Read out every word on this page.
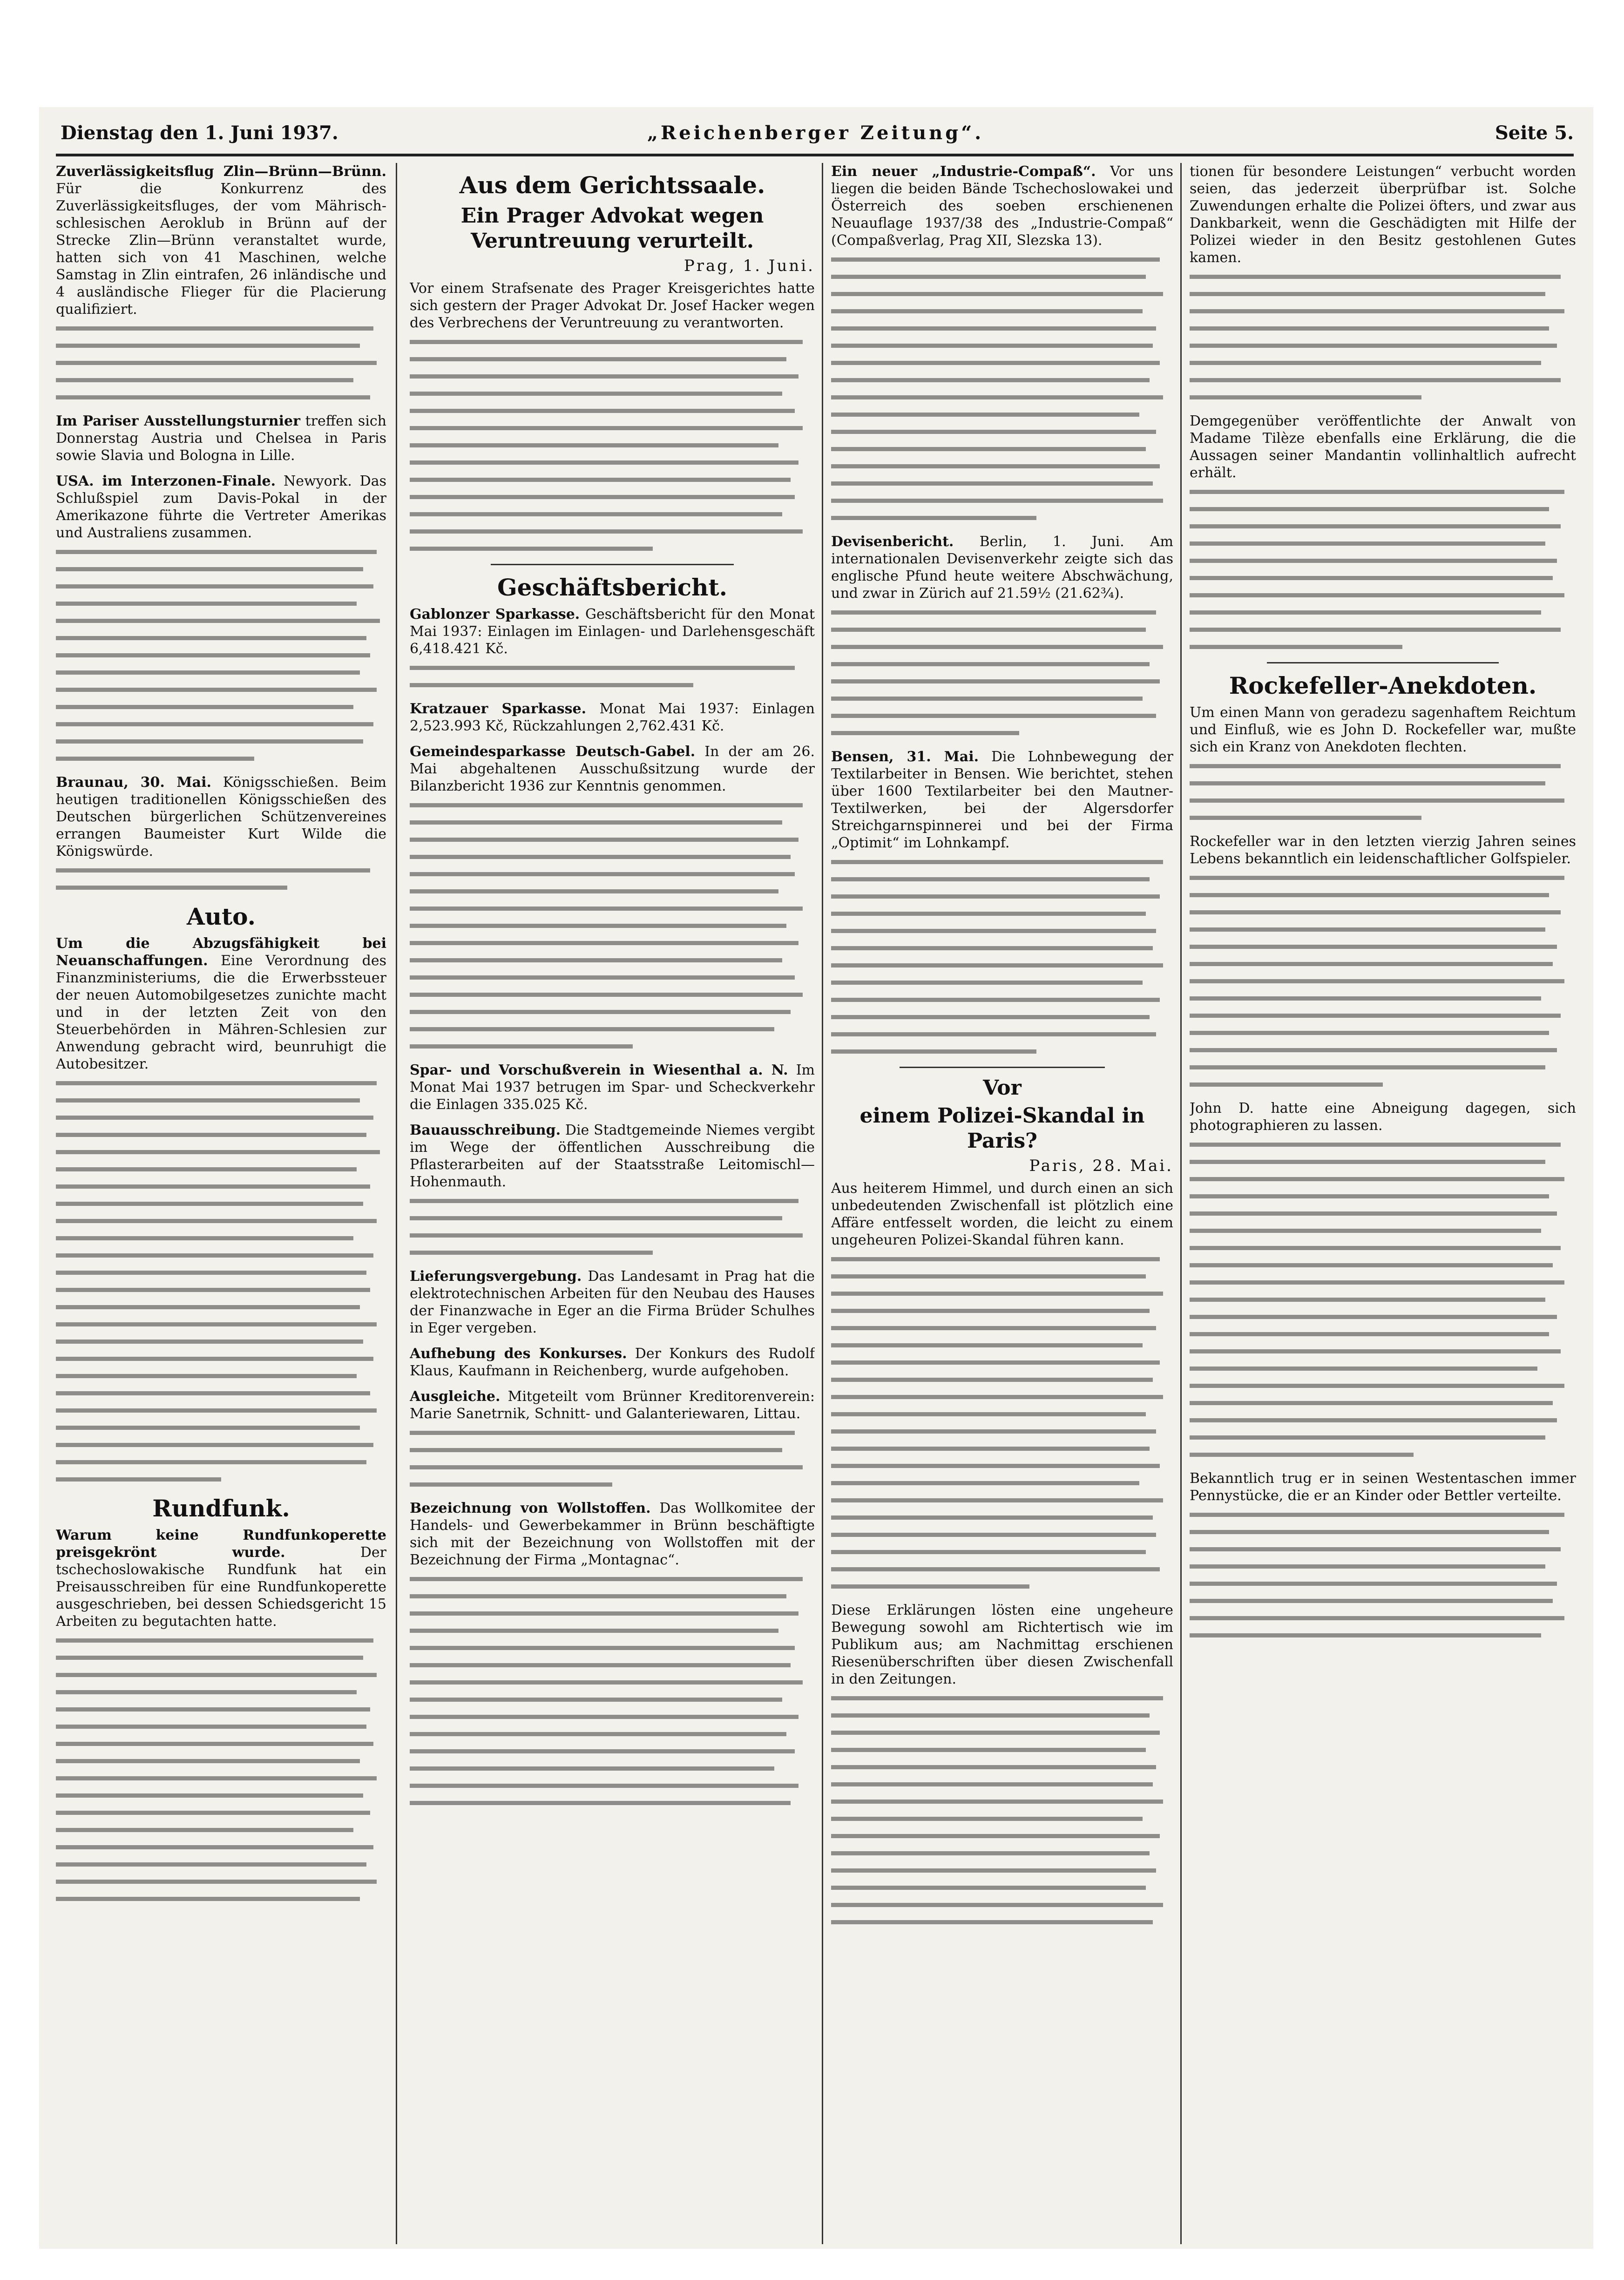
Dienstag den 1. Juni 1937.	„Reichenberger Zeitung“.	Seite 5.

Zuverlässigkeitsflug Zlin—Brünn—Brünn. Für die Konkurrenz des Zuverlässigkeitsfluges, der vom Mährisch-schlesischen Aeroklub in Brünn auf der Strecke Zlin—Brünn veranstaltet wurde, hatten sich von 41 Maschinen, welche Samstag in Zlin eintrafen, 26 inländische und 4 ausländische Flieger für die Placierung qualifiziert.

Im Pariser Ausstellungsturnier treffen sich Donnerstag Austria und Chelsea in Paris sowie Slavia und Bologna in Lille.

USA. im Interzonen-Finale. Newyork. Das Schlußspiel zum Davis-Pokal in der Amerikazone führte die Vertreter Amerikas und Australiens zusammen.

Braunau, 30. Mai. Königsschießen. Beim heutigen traditionellen Königsschießen des Deutschen bürgerlichen Schützenvereines errangen Baumeister Kurt Wilde die Königswürde.

Auto.

Um die Abzugsfähigkeit bei Neuanschaffungen. Eine Verordnung des Finanzministeriums, die die Erwerbssteuer der neuen Automobilgesetzes zunichte macht und in der letzten Zeit von den Steuerbehörden in Mähren-Schlesien zur Anwendung gebracht wird, beunruhigt die Autobesitzer.

Rundfunk.

Warum keine Rundfunkoperette preisgekrönt wurde.	Der tschechoslowakische Rundfunk hat ein Preisausschreiben für eine Rundfunkoperette ausgeschrieben, bei dessen Schiedsgericht 15 Arbeiten zu begutachten hatte.

Aus dem Gerichtssaale.
Ein Prager Advokat wegen Veruntreuung verurteilt.
Prag, 1. Juni.

Vor einem Strafsenate des Prager Kreisgerichtes hatte sich gestern der Prager Advokat Dr. Josef Hacker wegen des Verbrechens der Veruntreuung zu verantworten.

Geschäftsbericht.

Gablonzer Sparkasse. Geschäftsbericht für den Monat Mai 1937: Einlagen im Einlagen- und Darlehensgeschäft 6,418.421 Kč.

Kratzauer Sparkasse. Monat Mai 1937: Einlagen 2,523.993 Kč, Rückzahlungen 2,762.431 Kč.

Gemeindesparkasse Deutsch-Gabel. In der am 26. Mai abgehaltenen Ausschußsitzung wurde der Bilanzbericht 1936 zur Kenntnis genommen.

Spar- und Vorschußverein in Wiesenthal a. N. Im Monat Mai 1937 betrugen im Spar- und Scheckverkehr die Einlagen 335.025 Kč.

Bauausschreibung. Die Stadtgemeinde Niemes vergibt im Wege der öffentlichen Ausschreibung die Pflasterarbeiten auf der Staatsstraße Leitomischl—Hohenmauth.

Lieferungsvergebung. Das Landesamt in Prag hat die elektrotechnischen Arbeiten für den Neubau des Hauses der Finanzwache in Eger an die Firma Brüder Schulhes in Eger vergeben.

Aufhebung des Konkurses. Der Konkurs des Rudolf Klaus, Kaufmann in Reichenberg, wurde aufgehoben.

Ausgleiche. Mitgeteilt vom Brünner Kreditorenverein: Marie Sanetrnik, Schnitt- und Galanteriewaren, Littau.

Bezeichnung von Wollstoffen. Das Wollkomitee der Handels- und Gewerbekammer in Brünn beschäftigte sich mit der Bezeichnung von Wollstoffen mit der Bezeichnung der Firma „Montagnac“.

Ein neuer „Industrie-Compaß“. Vor uns liegen die beiden Bände Tschechoslowakei und Österreich des soeben erschienenen Neuauflage 1937/38 des „Industrie-Compaß“ (Compaßverlag, Prag XII, Slezska 13).

Devisenbericht. Berlin, 1. Juni. Am internationalen Devisenverkehr zeigte sich das englische Pfund heute weitere Abschwächung, und zwar in Zürich auf 21.59½ (21.62¾).

Bensen, 31. Mai. Die Lohnbewegung der Textilarbeiter in Bensen. Wie berichtet, stehen über 1600 Textilarbeiter bei den Mautner-Textilwerken, bei der Algersdorfer Streichgarnspinnerei und bei der Firma „Optimit“ im Lohnkampf.

Vor
einem Polizei-Skandal in Paris?
Paris, 28. Mai.

Aus heiterem Himmel, und durch einen an sich unbedeutenden Zwischenfall ist plötzlich eine Affäre entfesselt worden, die leicht zu einem ungeheuren Polizei-Skandal führen kann.

Diese Erklärungen lösten eine ungeheure Bewegung sowohl am Richtertisch wie im Publikum aus; am Nachmittag erschienen Riesenüberschriften über diesen Zwischenfall in den Zeitungen.

tionen für besondere Leistungen“ verbucht worden seien, das jederzeit überprüfbar ist. Solche Zuwendungen erhalte die Polizei öfters, und zwar aus Dankbarkeit, wenn die Geschädigten mit Hilfe der Polizei wieder in den Besitz gestohlenen Gutes kamen.

Demgegenüber veröffentlichte der Anwalt von Madame Tilèze ebenfalls eine Erklärung, die die Aussagen seiner Mandantin vollinhaltlich aufrecht erhält.

Rockefeller-Anekdoten.

Um einen Mann von geradezu sagenhaftem Reichtum und Einfluß, wie es John D. Rockefeller war, mußte sich ein Kranz von Anekdoten flechten.

Rockefeller war in den letzten vierzig Jahren seines Lebens bekanntlich ein leidenschaftlicher Golfspieler.

John D. hatte eine Abneigung dagegen, sich photographieren zu lassen.

Bekanntlich trug er in seinen Westentaschen immer Pennystücke, die er an Kinder oder Bettler verteilte.
